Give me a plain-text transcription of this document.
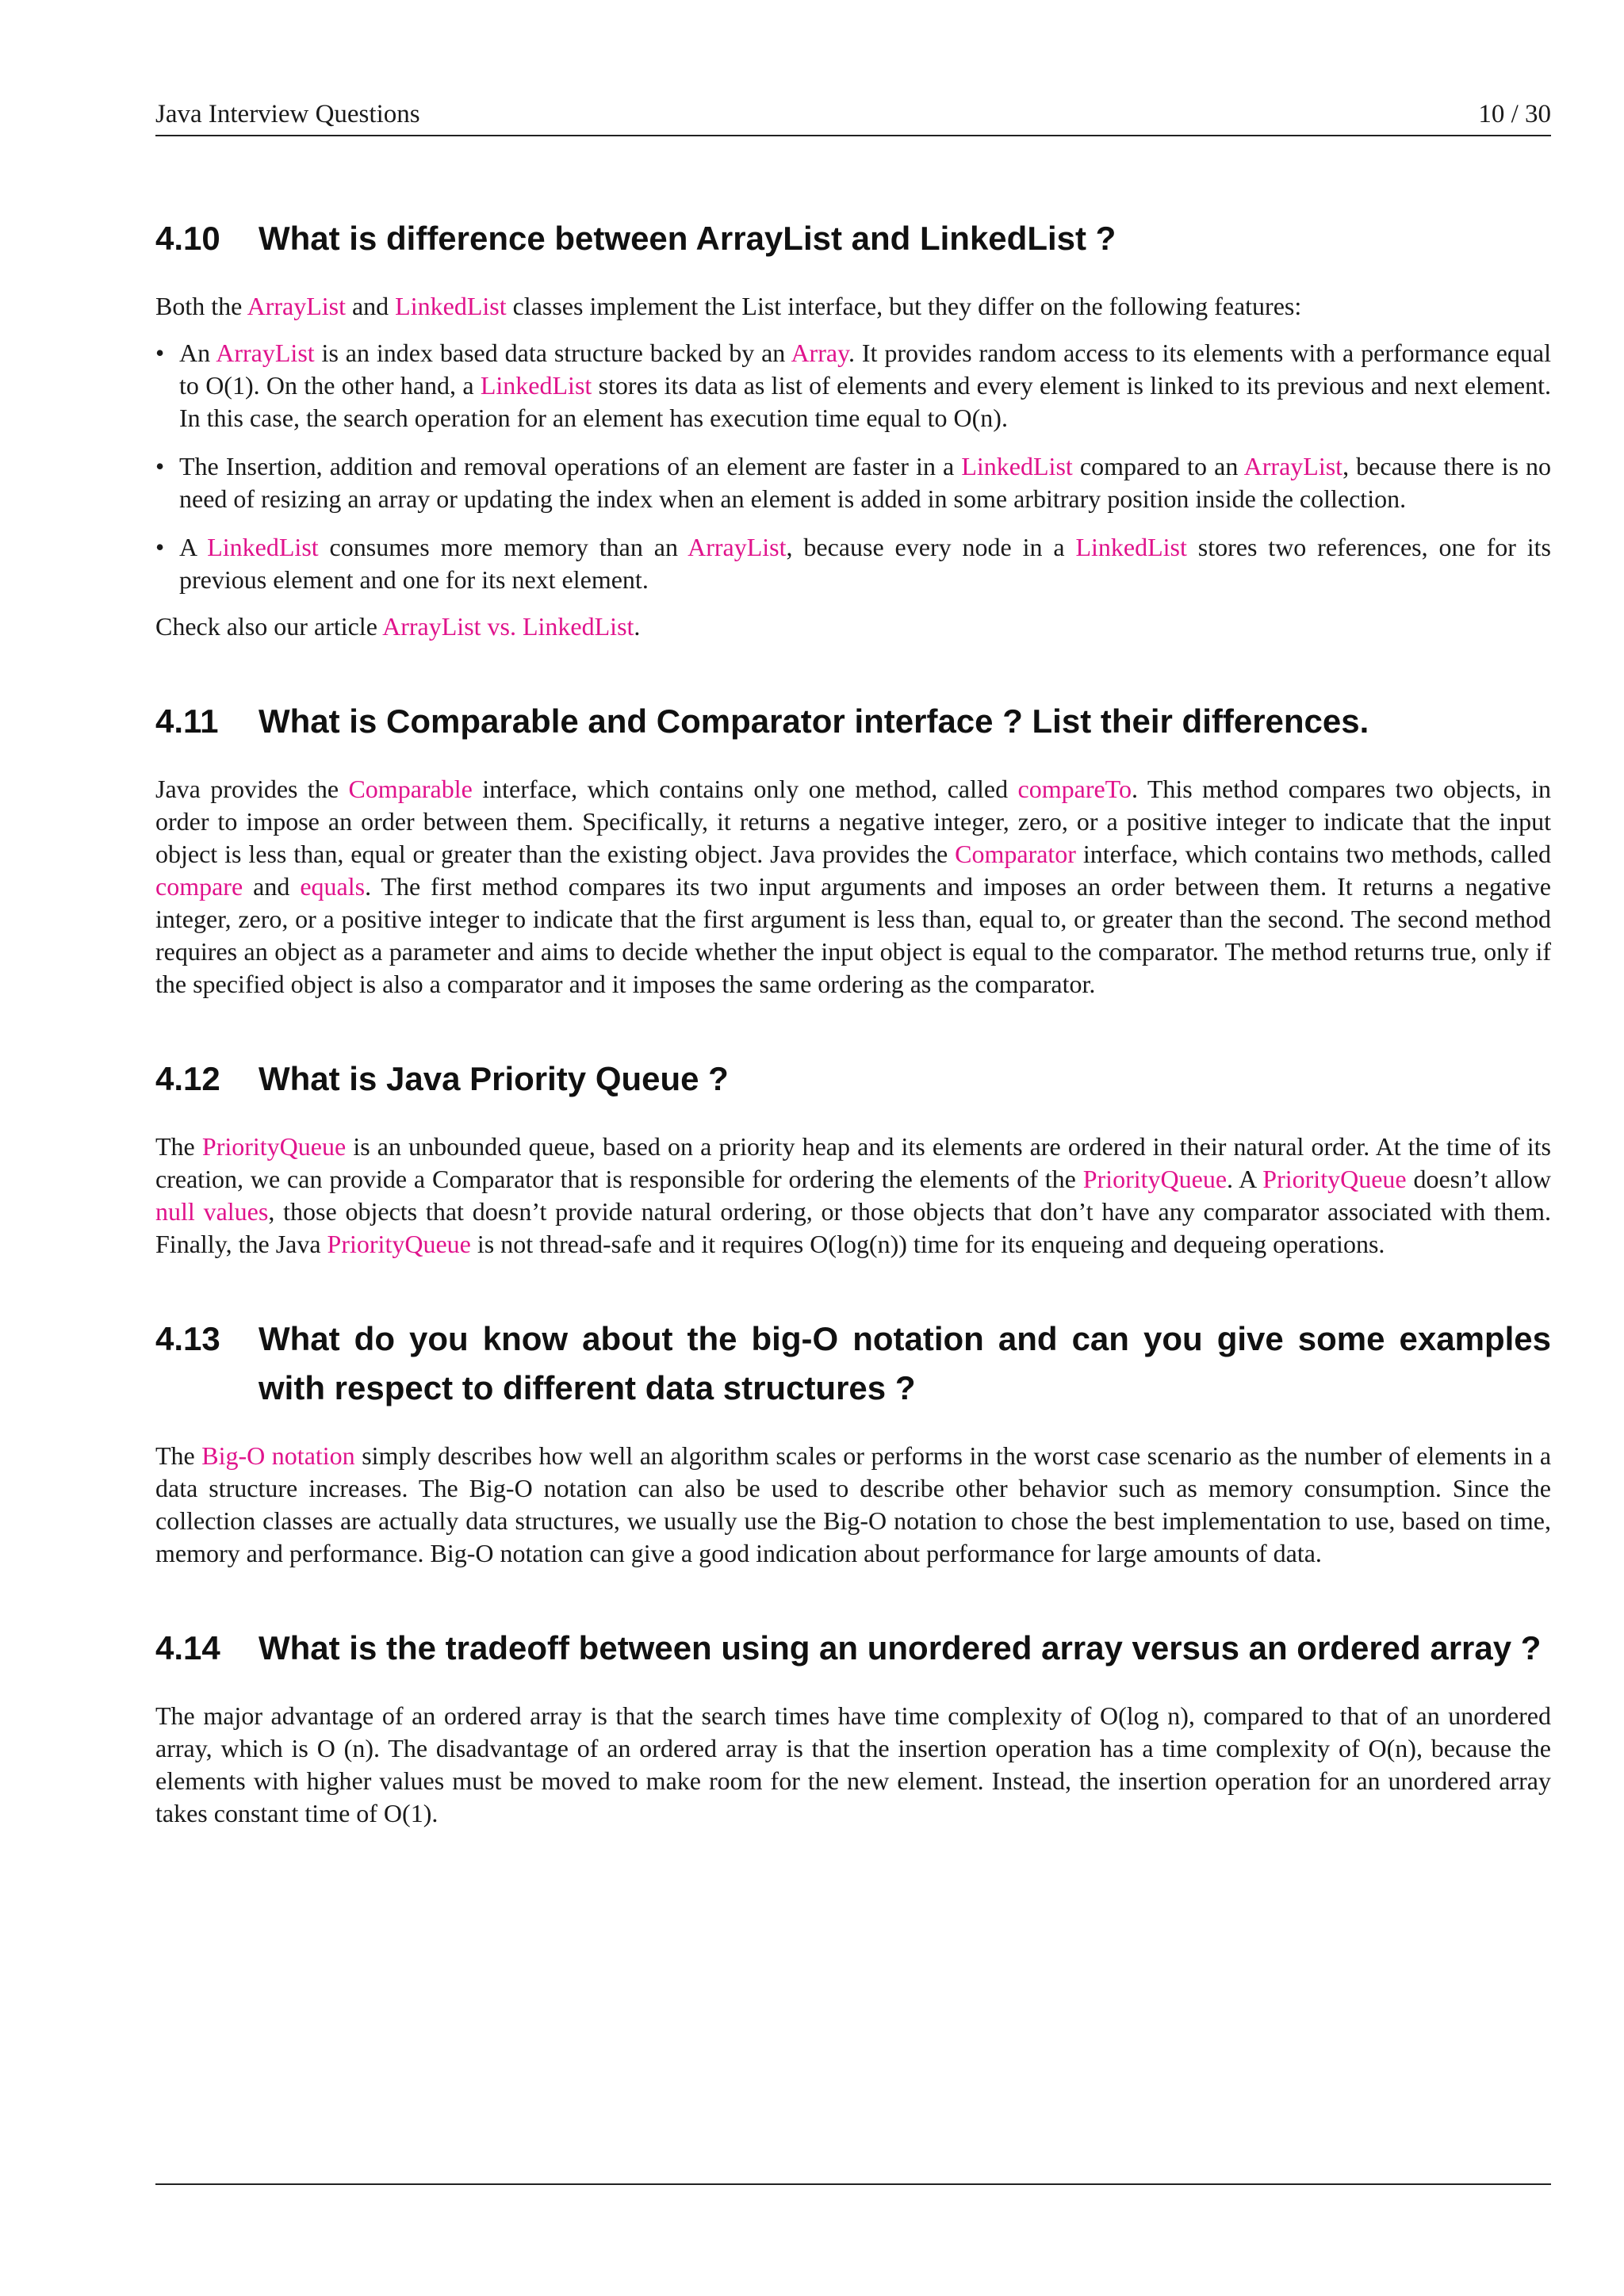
Java Interview Questions	10 / 30
4.10	What is difference between ArrayList and LinkedList ?

Both the ArrayList and LinkedList classes implement the List interface, but they differ on the following features:

• An ArrayList is an index based data structure backed by an Array. It provides random access to its elements with a performance equal to O(1). On the other hand, a LinkedList stores its data as list of elements and every element is linked to its previous and next element. In this case, the search operation for an element has execution time equal to O(n).
• The Insertion, addition and removal operations of an element are faster in a LinkedList compared to an ArrayList, because there is no need of resizing an array or updating the index when an element is added in some arbitrary position inside the collection.
• A LinkedList consumes more memory than an ArrayList, because every node in a LinkedList stores two references, one for its previous element and one for its next element.

Check also our article ArrayList vs. LinkedList.

4.11	What is Comparable and Comparator interface ? List their differences.

Java provides the Comparable interface, which contains only one method, called compareTo. This method compares two objects, in order to impose an order between them. Specifically, it returns a negative integer, zero, or a positive integer to indicate that the input object is less than, equal or greater than the existing object. Java provides the Comparator interface, which contains two methods, called compare and equals. The first method compares its two input arguments and imposes an order between them. It returns a negative integer, zero, or a positive integer to indicate that the first argument is less than, equal to, or greater than the second. The second method requires an object as a parameter and aims to decide whether the input object is equal to the comparator. The method returns true, only if the specified object is also a comparator and it imposes the same ordering as the comparator.

4.12	What is Java Priority Queue ?

The PriorityQueue is an unbounded queue, based on a priority heap and its elements are ordered in their natural order. At the time of its creation, we can provide a Comparator that is responsible for ordering the elements of the PriorityQueue. A PriorityQueue doesn’t allow null values, those objects that doesn’t provide natural ordering, or those objects that don’t have any comparator associated with them. Finally, the Java PriorityQueue is not thread-safe and it requires O(log(n)) time for its enqueing and dequeing operations.

4.13	What do you know about the big-O notation and can you give some examples with respect to different data structures ?

The Big-O notation simply describes how well an algorithm scales or performs in the worst case scenario as the number of elements in a data structure increases. The Big-O notation can also be used to describe other behavior such as memory consumption. Since the collection classes are actually data structures, we usually use the Big-O notation to chose the best implementation to use, based on time, memory and performance. Big-O notation can give a good indication about performance for large amounts of data.

4.14	What is the tradeoff between using an unordered array versus an ordered array ?

The major advantage of an ordered array is that the search times have time complexity of O(log n), compared to that of an unordered array, which is O (n). The disadvantage of an ordered array is that the insertion operation has a time complexity of O(n), because the elements with higher values must be moved to make room for the new element. Instead, the insertion operation for an unordered array takes constant time of O(1).
